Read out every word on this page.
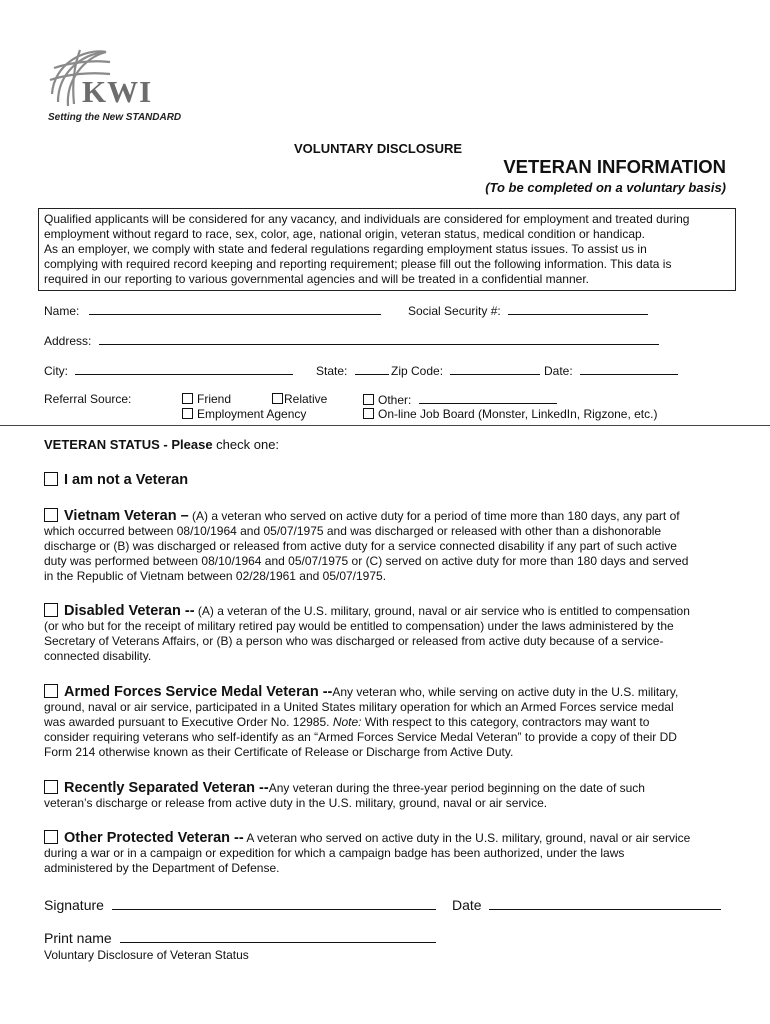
KWI
Setting the New STANDARD
VOLUNTARY DISCLOSURE
VETERAN INFORMATION
(To be completed on a voluntary basis)
Qualified applicants will be considered for any vacancy, and individuals are considered for employment and treated during
employment without regard to race, sex, color, age, national origin, veteran status, medical condition or handicap.
As an employer, we comply with state and federal regulations regarding employment status issues. To assist us in
complying with required record keeping and reporting requirement; please fill out the following information. This data is
required in our reporting to various governmental agencies and will be treated in a confidential manner.
Name:	Social Security #:
Address:
City:	State:	Zip Code:	Date:
Referral Source:	Friend	Relative	Other:
Employment Agency	On-line Job Board (Monster, LinkedIn, Rigzone, etc.)
VETERAN STATUS - Please check one:
I am not a Veteran
Vietnam Veteran – (A) a veteran who served on active duty for a period of time more than 180 days, any part of
which occurred between 08/10/1964 and 05/07/1975 and was discharged or released with other than a dishonorable
discharge or (B) was discharged or released from active duty for a service connected disability if any part of such active
duty was performed between 08/10/1964 and 05/07/1975 or (C) served on active duty for more than 180 days and served
in the Republic of Vietnam between 02/28/1961 and 05/07/1975.
Disabled Veteran -- (A) a veteran of the U.S. military, ground, naval or air service who is entitled to compensation
(or who but for the receipt of military retired pay would be entitled to compensation) under the laws administered by the
Secretary of Veterans Affairs, or (B) a person who was discharged or released from active duty because of a service-
connected disability.
Armed Forces Service Medal Veteran --Any veteran who, while serving on active duty in the U.S. military,
ground, naval or air service, participated in a United States military operation for which an Armed Forces service medal
was awarded pursuant to Executive Order No. 12985. Note: With respect to this category, contractors may want to
consider requiring veterans who self-identify as an “Armed Forces Service Medal Veteran” to provide a copy of their DD
Form 214 otherwise known as their Certificate of Release or Discharge from Active Duty.
Recently Separated Veteran --Any veteran during the three-year period beginning on the date of such
veteran’s discharge or release from active duty in the U.S. military, ground, naval or air service.
Other Protected Veteran -- A veteran who served on active duty in the U.S. military, ground, naval or air service
during a war or in a campaign or expedition for which a campaign badge has been authorized, under the laws
administered by the Department of Defense.
Signature	Date
Print name
Voluntary Disclosure of Veteran Status
